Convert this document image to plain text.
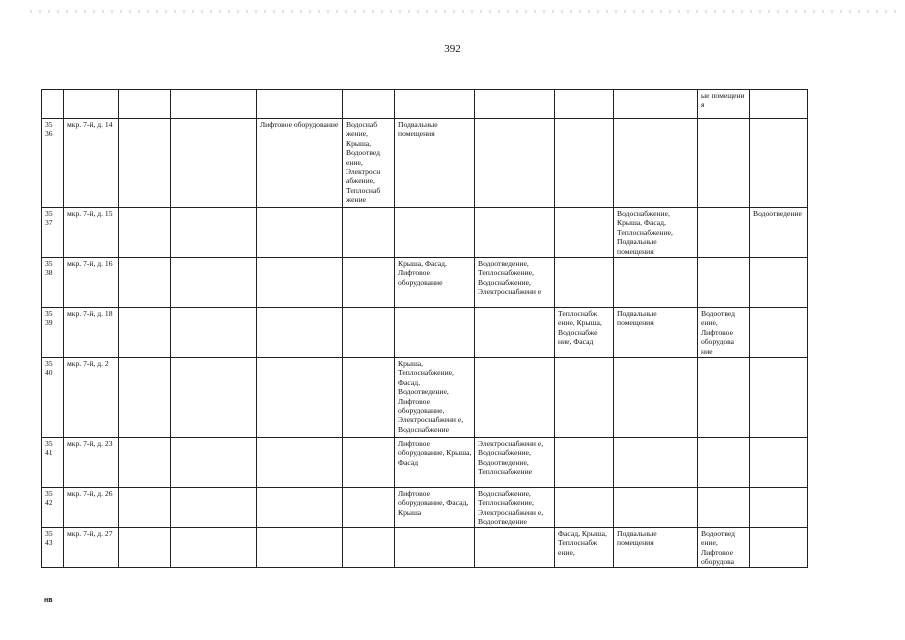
392
										ые помещени я	
35 36	мкр. 7-й, д. 14			Лифтовое оборудование	Водоснаб жение, Крыша, Водоотвед ение, Электросн абжение, Теплоснаб жение	Подвальные помещения					
35 37	мкр. 7-й, д. 15								Водоснабжение, Крыша, Фасад, Теплоснабжение, Подвальные помещения		Водоотведение
35 38	мкр. 7-й, д. 16					Крыша, Фасад, Лифтовое оборудование	Водоотведение, Теплоснабжение, Водоснабжение, Электроснабжени е				
35 39	мкр. 7-й, д. 18							Теплоснабж ение, Крыша, Водоснабже ние, Фасад	Подвальные помещения	Водоотвед ение, Лифтовое оборудова ние	
35 40	мкр. 7-й, д. 2					Крыша, Теплоснабжение, Фасад, Водоотведение, Лифтовое оборудование, Электроснабжени е, Водоснабжение					
35 41	мкр. 7-й, д. 23					Лифтовое оборудование, Крыша, Фасад	Электроснабжени е, Водоснабжение, Водоотведение, Теплоснабжение				
35 42	мкр. 7-й, д. 26					Лифтовое оборудование, Фасад, Крыша	Водоснабжение, Теплоснабжение, Электроснабжени е, Водоотведение				
35 43	мкр. 7-й, д. 27							Фасад, Крыша, Теплоснабж ение,	Подвальные помещения	Водоотвед ение, Лифтовое оборудова	
нв
